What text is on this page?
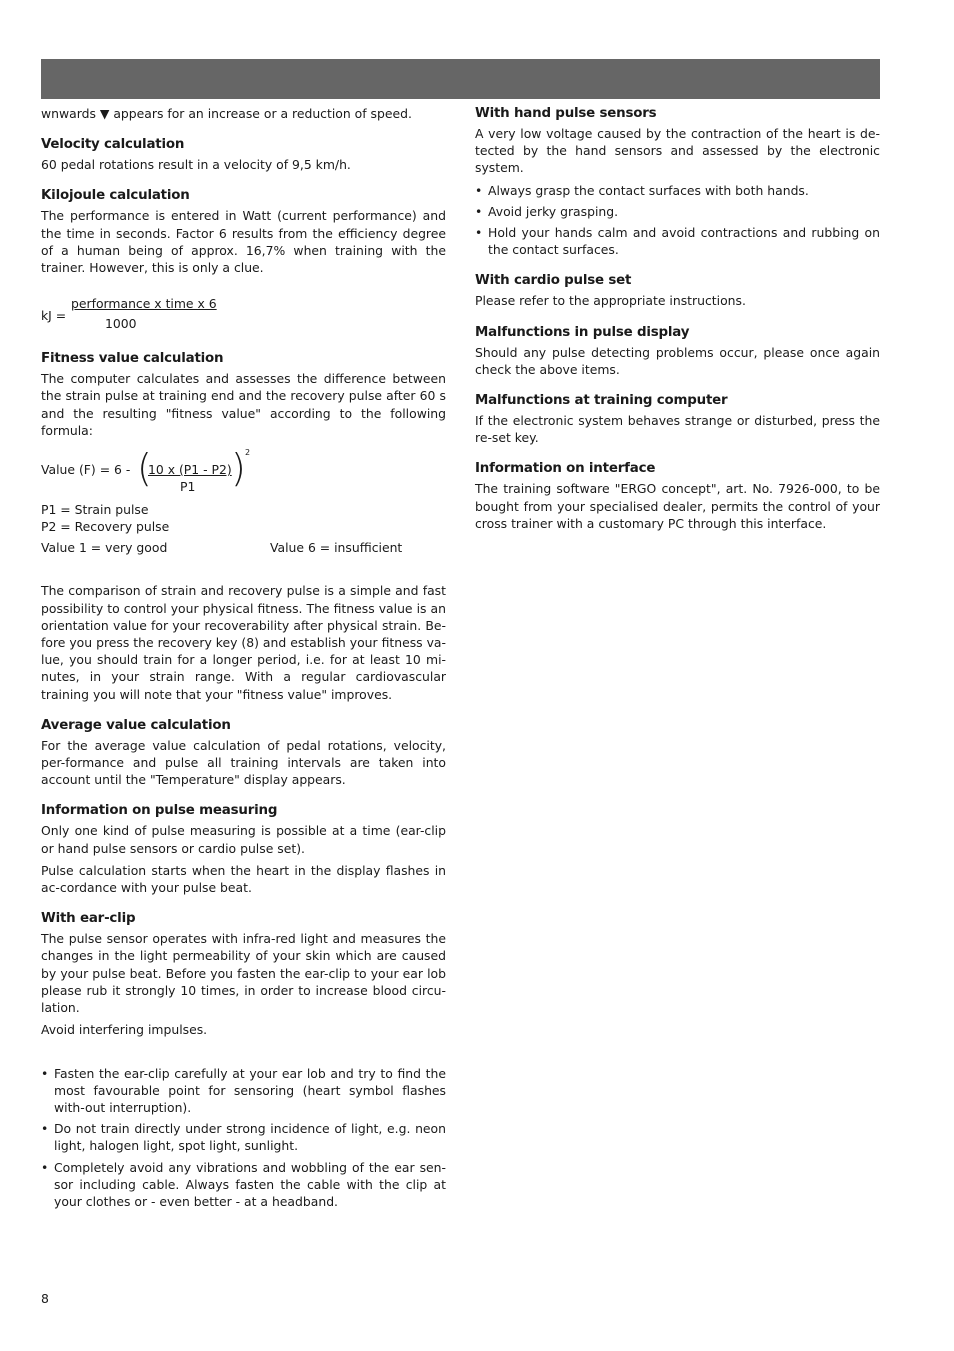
wnwards ▼ appears for an increase or a reduction of speed.

Velocity calculation

60 pedal rotations result in a velocity of 9,5 km/h.

Kilojoule calculation

The performance is entered in Watt (current performance) and the time in seconds. Factor 6 results from the efficiency degree of a human being of approx. 16,7% when training with the trainer. However, this is only a clue.

kJ =
performance x time x 6
1000
Fitness value calculation

The computer calculates and assesses the difference between the strain pulse at training end and the recovery pulse after 60 s and the resulting "fitness value" according to the following formula:

Value (F) = 6 - (
10 x (P1 - P2)
P1 ) 2

P1 = Strain pulse

P2 = Recovery pulse

Value 1 = very good	Value 6 = insufficient

The comparison of strain and recovery pulse is a simple and fast possibility to control your physical fitness. The fitness value is an orientation value for your recoverability after physical strain. Be-fore you press the recovery key (8) and establish your fitness va-lue, you should train for a longer period, i.e. for at least 10 mi-nutes, in your strain range. With a regular cardiovascular training you will note that your "fitness value" improves.

Average value calculation

For the average value calculation of pedal rotations, velocity, per-formance and pulse all training intervals are taken into account until the "Temperature" display appears.

Information on pulse measuring

Only one kind of pulse measuring is possible at a time (ear-clip or hand pulse sensors or cardio pulse set).

Pulse calculation starts when the heart in the display flashes in ac-cordance with your pulse beat.

With ear-clip

The pulse sensor operates with infra-red light and measures the changes in the light permeability of your skin which are caused by your pulse beat. Before you fasten the ear-clip to your ear lob please rub it strongly 10 times, in order to increase blood circu-lation.

Avoid interfering impulses.

• Fasten the ear-clip carefully at your ear lob and try to find the most favourable point for sensoring (heart symbol flashes with-out interruption).
• Do not train directly under strong incidence of light, e.g. neon light, halogen light, spot light, sunlight.
• Completely avoid any vibrations and wobbling of the ear sen-sor including cable. Always fasten the cable with the clip at your clothes or - even better - at a headband.
With hand pulse sensors

A very low voltage caused by the contraction of the heart is de-tected by the hand sensors and assessed by the electronic system.

• Always grasp the contact surfaces with both hands.
• Avoid jerky grasping.
• Hold your hands calm and avoid contractions and rubbing on the contact surfaces.
With cardio pulse set

Please refer to the appropriate instructions.

Malfunctions in pulse display

Should any pulse detecting problems occur, please once again check the above items.

Malfunctions at training computer

If the electronic system behaves strange or disturbed, press the re-set key.

Information on interface

The training software "ERGO concept", art. No. 7926-000, to be bought from your specialised dealer, permits the control of your cross trainer with a customary PC through this interface.

8
